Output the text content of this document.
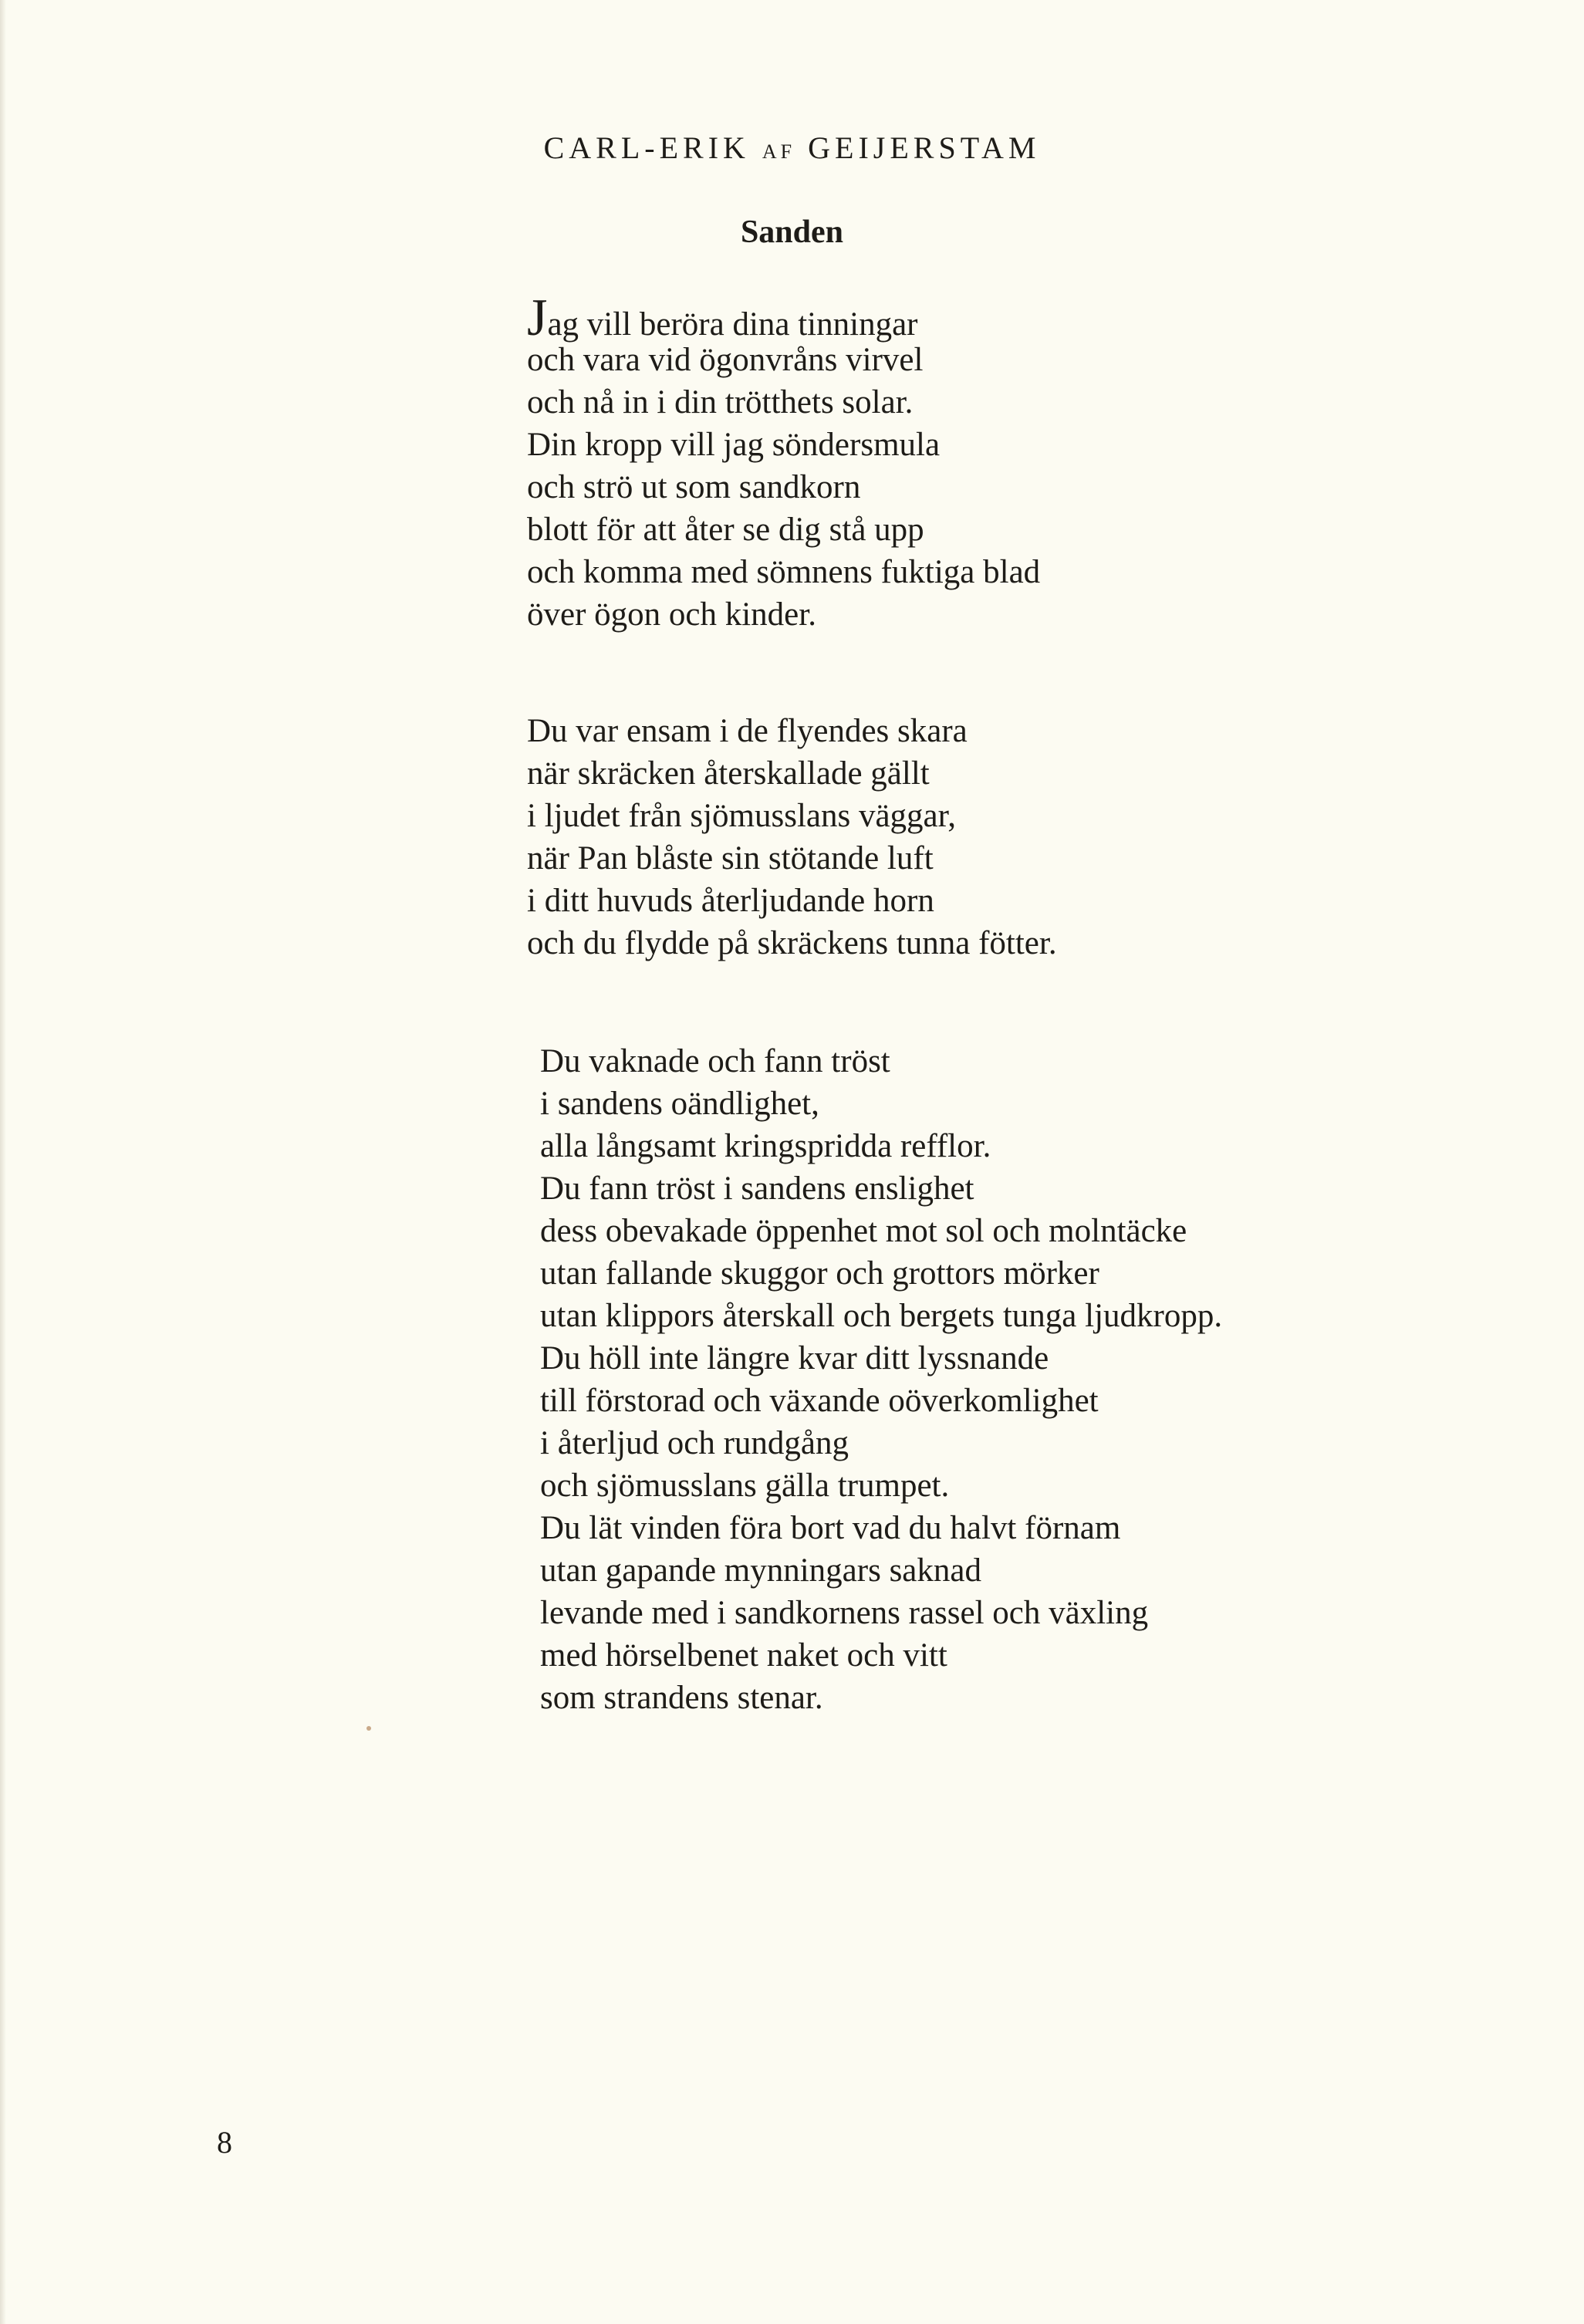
CARL-ERIK AF GEIJERSTAM
Sanden
Jag vill beröra dina tinningar
och vara vid ögonvråns virvel
och nå in i din trötthets solar.
Din kropp vill jag söndersmula
och strö ut som sandkorn
blott för att åter se dig stå upp
och komma med sömnens fuktiga blad
över ögon och kinder.
Du var ensam i de flyendes skara
när skräcken återskallade gällt
i ljudet från sjömusslans väggar,
när Pan blåste sin stötande luft
i ditt huvuds återljudande horn
och du flydde på skräckens tunna fötter.
Du vaknade och fann tröst
i sandens oändlighet,
alla långsamt kringspridda refflor.
Du fann tröst i sandens enslighet
dess obevakade öppenhet mot sol och molntäcke
utan fallande skuggor och grottors mörker
utan klippors återskall och bergets tunga ljudkropp.
Du höll inte längre kvar ditt lyssnande
till förstorad och växande oöverkomlighet
i återljud och rundgång
och sjömusslans gälla trumpet.
Du lät vinden föra bort vad du halvt förnam
utan gapande mynningars saknad
levande med i sandkornens rassel och växling
med hörselbenet naket och vitt
som strandens stenar.
8
